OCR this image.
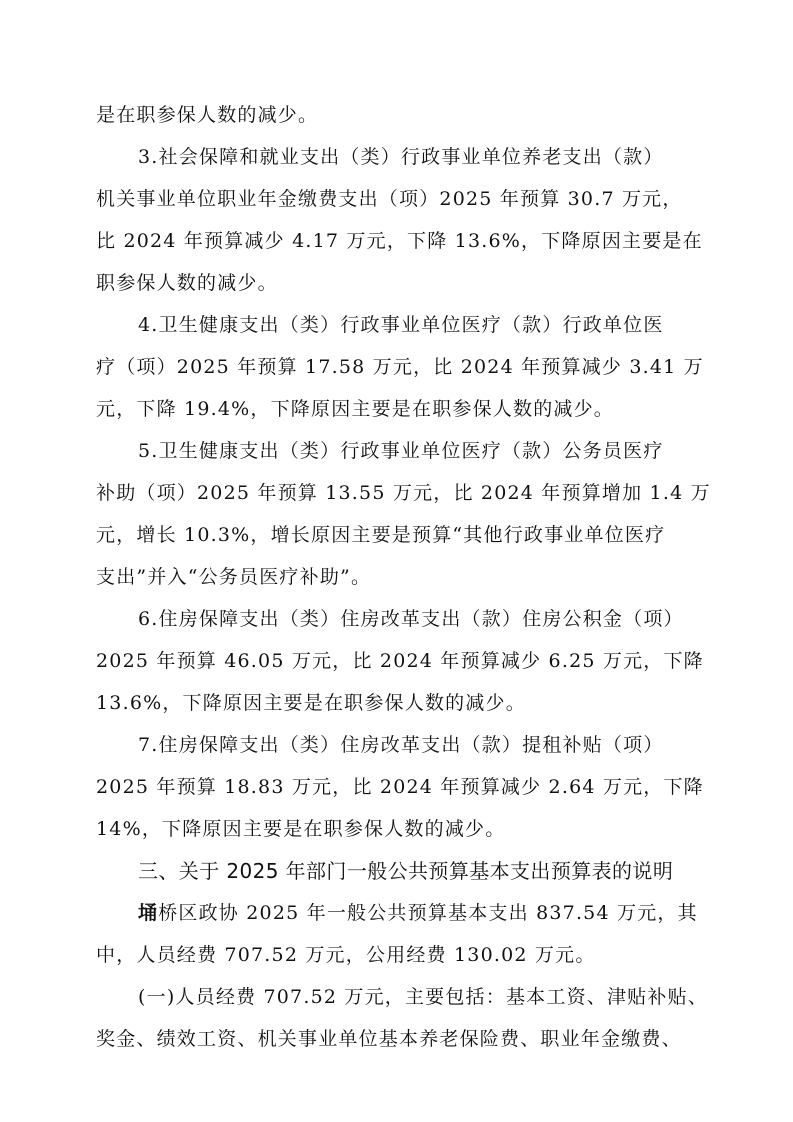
是在职参保人数的减少。
3.社会保障和就业支出（类）行政事业单位养老支出（款）
机关事业单位职业年金缴费支出（项）2025 年预算 30.7 万元，
比 2024 年预算减少 4.17 万元，下降 13.6%，下降原因主要是在
职参保人数的减少。
4.卫生健康支出（类）行政事业单位医疗（款）行政单位医
疗（项）2025 年预算 17.58 万元，比 2024 年预算减少 3.41 万
元，下降 19.4%，下降原因主要是在职参保人数的减少。
5.卫生健康支出（类）行政事业单位医疗（款）公务员医疗
补助（项）2025 年预算 13.55 万元，比 2024 年预算增加 1.4 万
元，增长 10.3%，增长原因主要是预算“其他行政事业单位医疗
支出”并入“公务员医疗补助”。
6.住房保障支出（类）住房改革支出（款）住房公积金（项）
2025 年预算 46.05 万元，比 2024 年预算减少 6.25 万元，下降
13.6%，下降原因主要是在职参保人数的减少。
7.住房保障支出（类）住房改革支出（款）提租补贴（项）
2025 年预算 18.83 万元，比 2024 年预算减少 2.64 万元，下降
14%，下降原因主要是在职参保人数的减少。
三、关于 2025 年部门一般公共预算基本支出预算表的说明
埇桥区政协 2025 年一般公共预算基本支出 837.54 万元，其
中，人员经费 707.52 万元，公用经费 130.02 万元。
(一)人员经费 707.52 万元，主要包括：基本工资、津贴补贴、
奖金、绩效工资、机关事业单位基本养老保险费、职业年金缴费、
